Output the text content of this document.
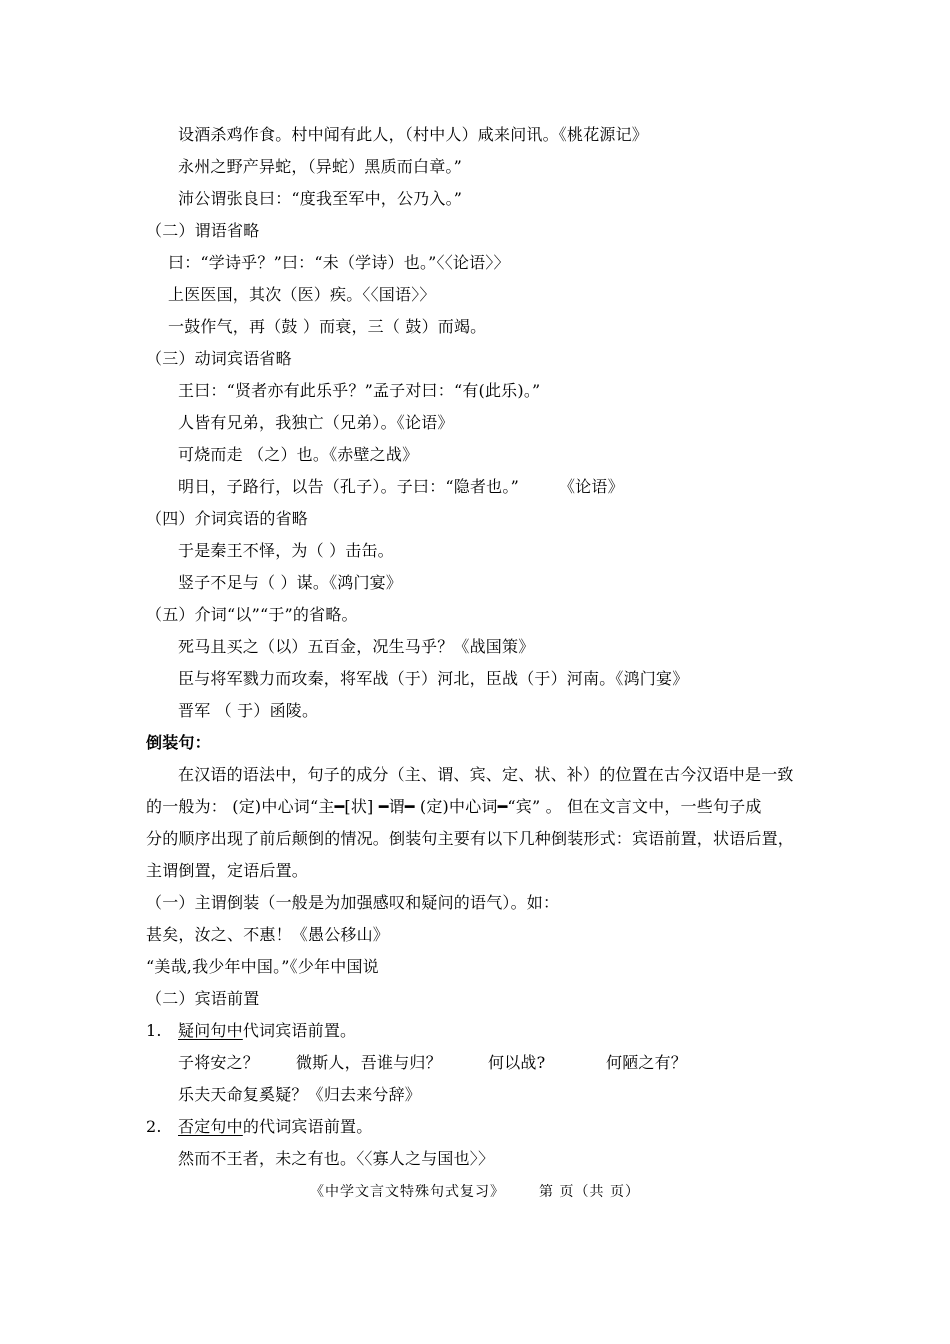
设酒杀鸡作食。村中闻有此人，（村中人）咸来问讯。《桃花源记》
永州之野产异蛇，（异蛇）黑质而白章。”
沛公谓张良曰：“度我至军中，公乃入。”
（二）谓语省略
曰：“学诗乎？”曰：“未（学诗）也。”〈〈论语〉〉
上医医国，其次（医）疾。〈〈国语〉〉
一鼓作气，再（鼓 ）而衰，三（ 鼓）而竭。
（三）动词宾语省略
王曰：“贤者亦有此乐乎？”孟子对曰：“有(此乐)。”
人皆有兄弟，我独亡（兄弟）。《论语》
可烧而走 （之）也。《赤壁之战》
明日，子路行，以告（孔子）。子曰：“隐者也。”	《论语》
（四）介词宾语的省略
于是秦王不怿，为（ ）击缶。
竖子不足与（ ）谋。《鸿门宴》
（五）介词“以”“于”的省略。
死马且买之（以）五百金，况生马乎？《战国策》
臣与将军戮力而攻秦，将军战（于）河北，臣战（于）河南。《鸿门宴》
晋军 （ 于）函陵。
倒装句：
在汉语的语法中，句子的成分（主、谓、宾、定、状、补）的位置在古今汉语中是一致
的一般为： (定)中心词“主━[状] ━谓━ (定)中心词━“宾” 。 但在文言文中，一些句子成
分的顺序出现了前后颠倒的情况。倒装句主要有以下几种倒装形式：宾语前置，状语后置，
主谓倒置，定语后置。
（一）主谓倒装（一般是为加强感叹和疑问的语气）。如：
甚矣，汝之、不惠！《愚公移山》
“美哉,我少年中国。”《少年中国说
（二）宾语前置
1. 疑问句中代词宾语前置。
子将安之？ 微斯人，吾谁与归？	何以战?	何陋之有？
乐夫天命复奚疑？《归去来兮辞》
2. 否定句中的代词宾语前置。
然而不王者，未之有也。〈〈寡人之与国也〉〉
《中学文言文特殊句式复习》 第 页（共 页）
